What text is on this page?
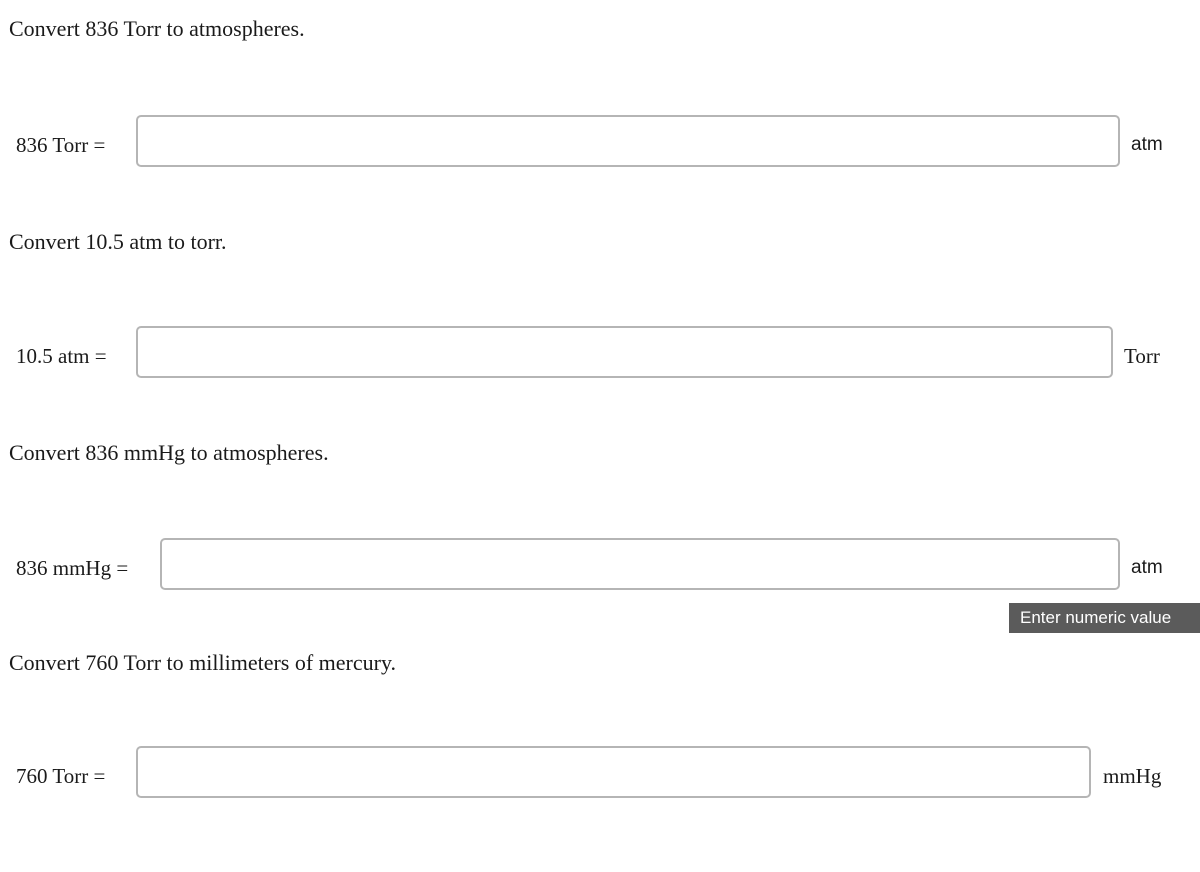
Convert 836 Torr to atmospheres.
836 Torr =	atm
Convert 10.5 atm to torr.
10.5 atm =	Torr
Convert 836 mmHg to atmospheres.
836 mmHg =	atm
Enter numeric value
Convert 760 Torr to millimeters of mercury.
760 Torr =	mmHg
